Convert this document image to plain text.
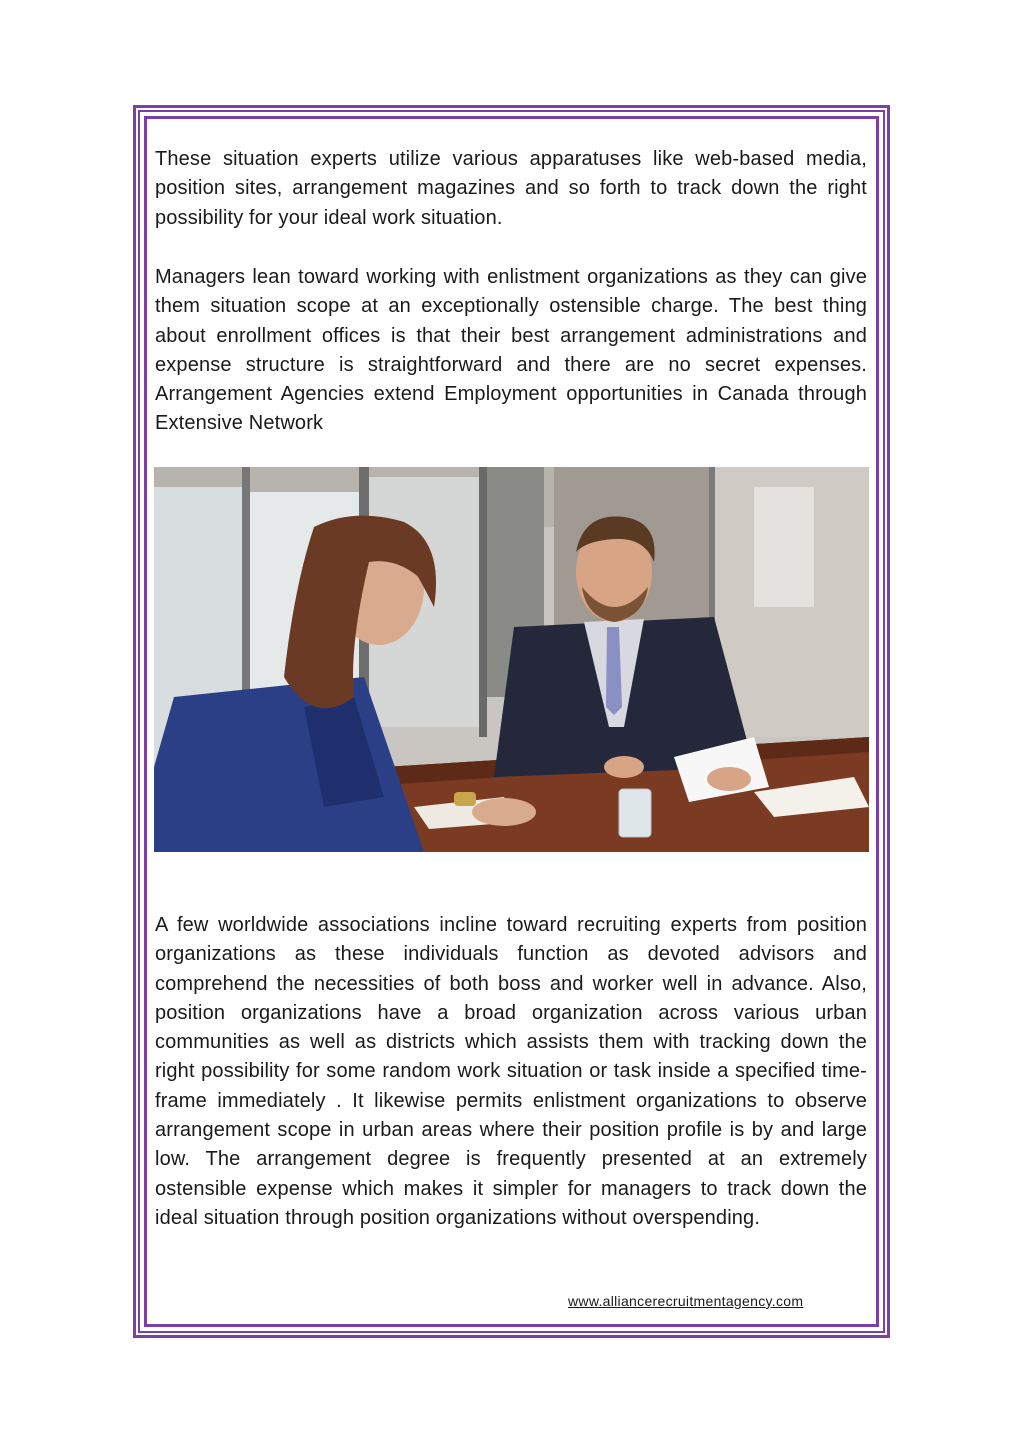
These situation experts utilize various apparatuses like web-based media, position sites, arrangement magazines and so forth to track down the right possibility for your ideal work situation.

Managers lean toward working with enlistment organizations as they can give them situation scope at an exceptionally ostensible charge. The best thing about enrollment offices is that their best arrangement administrations and expense structure is straightforward and there are no secret expenses. Arrangement Agencies extend Employment opportunities in Canada through Extensive Network

A few worldwide associations incline toward recruiting experts from position organizations as these individuals function as devoted advisors and comprehend the necessities of both boss and worker well in advance. Also, position organizations have a broad organization across various urban communities as well as districts which assists them with tracking down the right possibility for some random work situation or task inside a specified time-frame immediately . It likewise permits enlistment organizations to observe arrangement scope in urban areas where their position profile is by and large low. The arrangement degree is frequently presented at an extremely ostensible expense which makes it simpler for managers to track down the ideal situation through position organizations without overspending.

www.alliancerecruitmentagency.com
